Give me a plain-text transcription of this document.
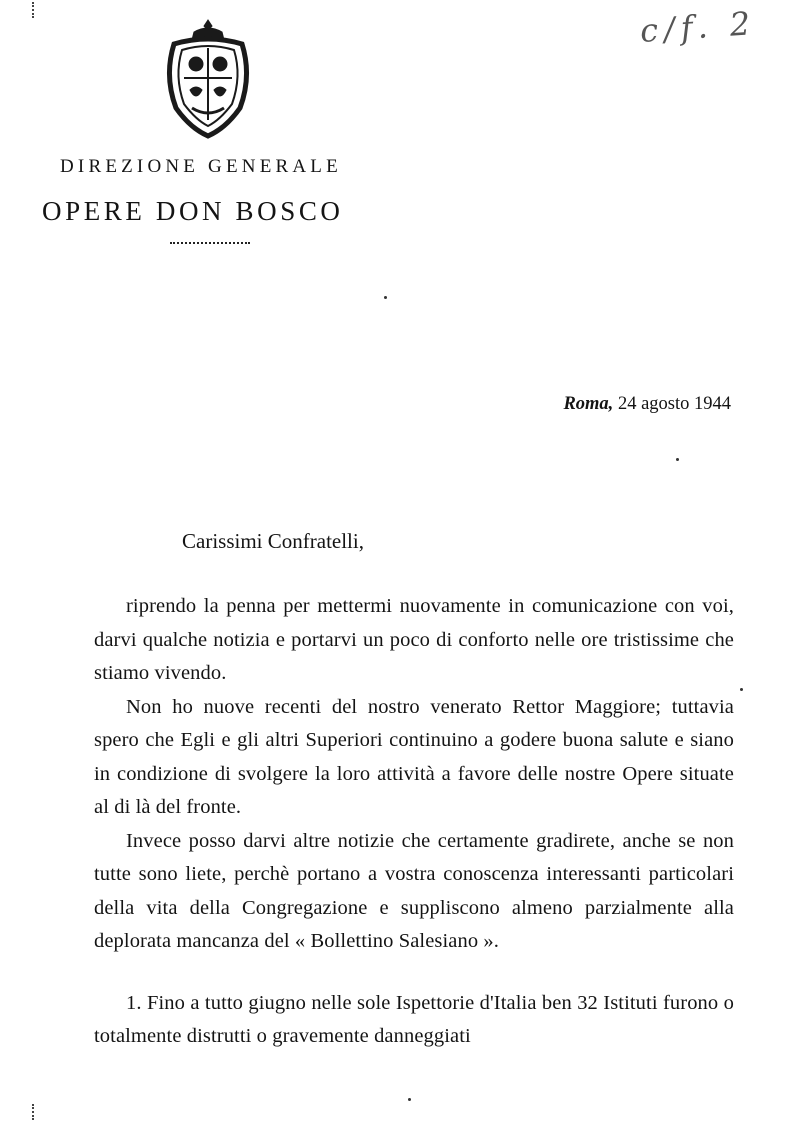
c/f. 2
DIREZIONE GENERALE
OPERE DON BOSCO
Roma, 24 agosto 1944
Carissimi Confratelli,

riprendo la penna per mettermi nuovamente in comunicazione con voi, darvi qualche notizia e portarvi un poco di conforto nelle ore tristissime che stiamo vivendo.

Non ho nuove recenti del nostro venerato Rettor Maggiore; tuttavia spero che Egli e gli altri Superiori continuino a godere buona salute e siano in condizione di svolgere la loro attività a favore delle nostre Opere situate al di là del fronte.

Invece posso darvi altre notizie che certamente gradirete, anche se non tutte sono liete, perchè portano a vostra conoscenza interessanti particolari della vita della Congregazione e suppliscono almeno parzialmente alla deplorata mancanza del « Bollettino Salesiano ».

1. Fino a tutto giugno nelle sole Ispettorie d'Italia ben 32 Istituti furono o totalmente distrutti o gravemente danneggiati
